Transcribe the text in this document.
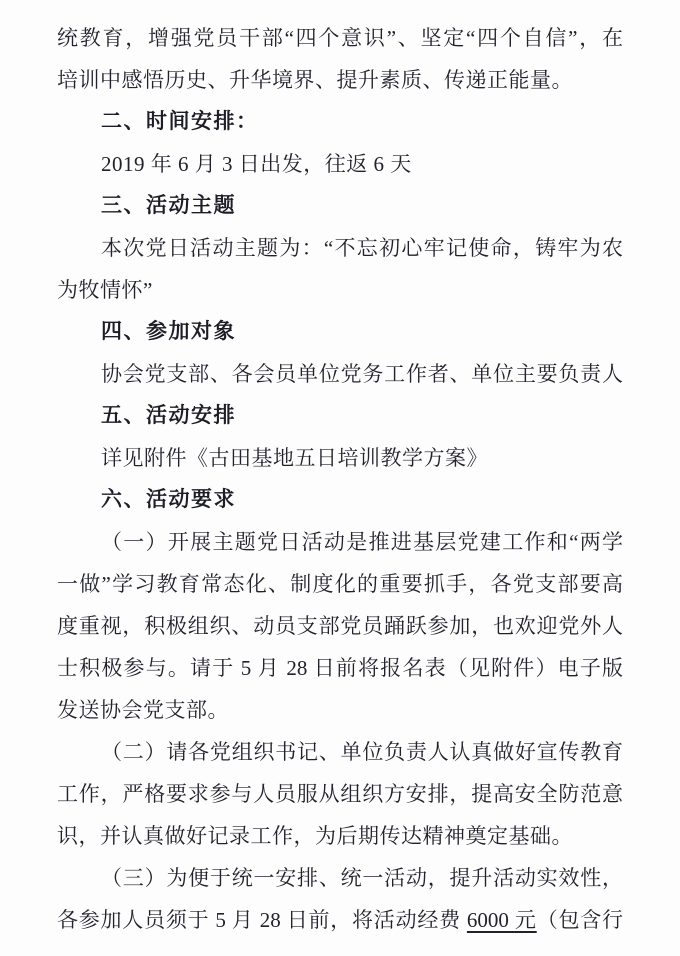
统教育，增强党员干部“四个意识”、坚定“四个自信”，在
培训中感悟历史、升华境界、提升素质、传递正能量。
二、时间安排：
2019 年 6 月 3 日出发，往返 6 天
三、活动主题
本次党日活动主题为：“不忘初心牢记使命，铸牢为农
为牧情怀”
四、参加对象
协会党支部、各会员单位党务工作者、单位主要负责人
五、活动安排
详见附件《古田基地五日培训教学方案》
六、活动要求
（一）开展主题党日活动是推进基层党建工作和“两学
一做”学习教育常态化、制度化的重要抓手，各党支部要高
度重视，积极组织、动员支部党员踊跃参加，也欢迎党外人
士积极参与。请于 5 月 28 日前将报名表（见附件）电子版
发送协会党支部。
（二）请各党组织书记、单位负责人认真做好宣传教育
工作，严格要求参与人员服从组织方安排，提高安全防范意
识，并认真做好记录工作，为后期传达精神奠定基础。
（三）为便于统一安排、统一活动，提升活动实效性，
各参加人员须于 5 月 28 日前，将活动经费 6000 元（包含行
